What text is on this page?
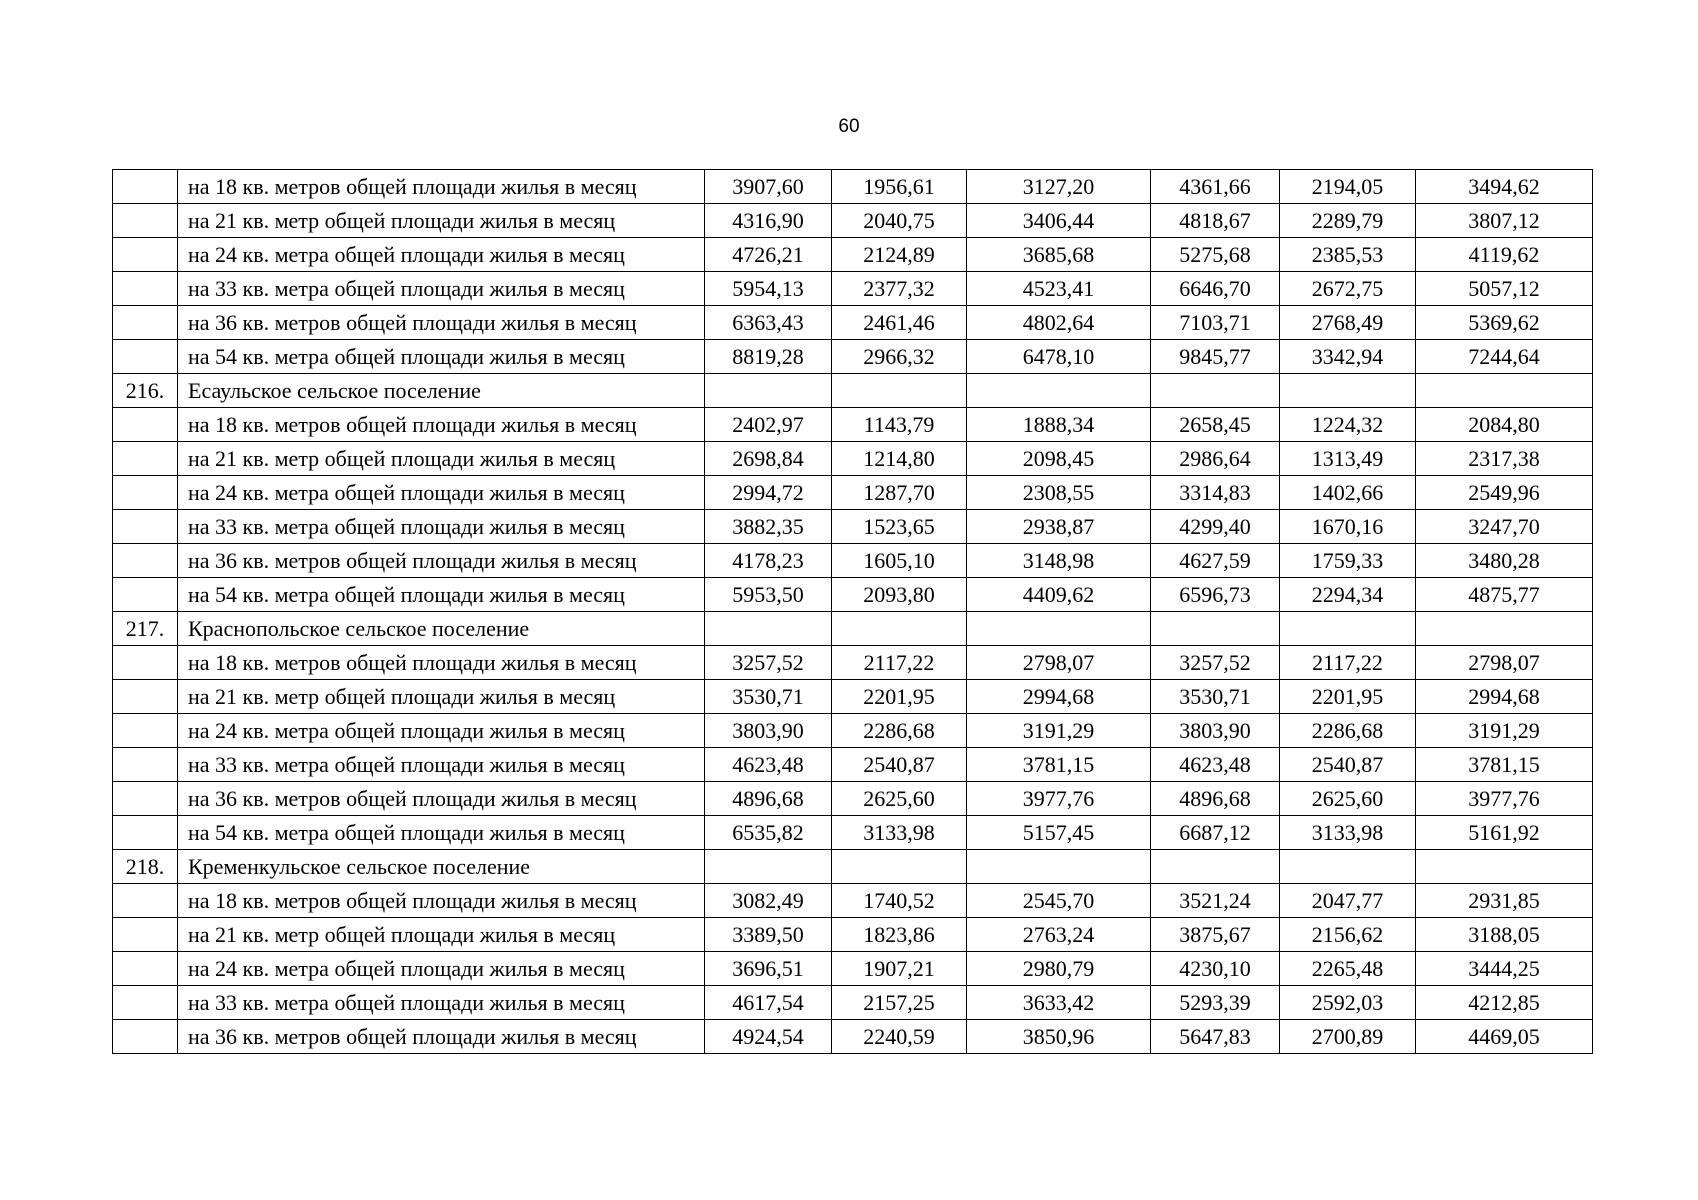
60
	на 18 кв. метров общей площади жилья в месяц	3907,60	1956,61	3127,20	4361,66	2194,05	3494,62
	на 21 кв. метр общей площади жилья в месяц	4316,90	2040,75	3406,44	4818,67	2289,79	3807,12
	на 24 кв. метра общей площади жилья в месяц	4726,21	2124,89	3685,68	5275,68	2385,53	4119,62
	на 33 кв. метра общей площади жилья в месяц	5954,13	2377,32	4523,41	6646,70	2672,75	5057,12
	на 36 кв. метров общей площади жилья в месяц	6363,43	2461,46	4802,64	7103,71	2768,49	5369,62
	на 54 кв. метра общей площади жилья в месяц	8819,28	2966,32	6478,10	9845,77	3342,94	7244,64
216.	Есаульское сельское поселение						
	на 18 кв. метров общей площади жилья в месяц	2402,97	1143,79	1888,34	2658,45	1224,32	2084,80
	на 21 кв. метр общей площади жилья в месяц	2698,84	1214,80	2098,45	2986,64	1313,49	2317,38
	на 24 кв. метра общей площади жилья в месяц	2994,72	1287,70	2308,55	3314,83	1402,66	2549,96
	на 33 кв. метра общей площади жилья в месяц	3882,35	1523,65	2938,87	4299,40	1670,16	3247,70
	на 36 кв. метров общей площади жилья в месяц	4178,23	1605,10	3148,98	4627,59	1759,33	3480,28
	на 54 кв. метра общей площади жилья в месяц	5953,50	2093,80	4409,62	6596,73	2294,34	4875,77
217.	Краснопольское сельское поселение						
	на 18 кв. метров общей площади жилья в месяц	3257,52	2117,22	2798,07	3257,52	2117,22	2798,07
	на 21 кв. метр общей площади жилья в месяц	3530,71	2201,95	2994,68	3530,71	2201,95	2994,68
	на 24 кв. метра общей площади жилья в месяц	3803,90	2286,68	3191,29	3803,90	2286,68	3191,29
	на 33 кв. метра общей площади жилья в месяц	4623,48	2540,87	3781,15	4623,48	2540,87	3781,15
	на 36 кв. метров общей площади жилья в месяц	4896,68	2625,60	3977,76	4896,68	2625,60	3977,76
	на 54 кв. метра общей площади жилья в месяц	6535,82	3133,98	5157,45	6687,12	3133,98	5161,92
218.	Кременкульское сельское поселение						
	на 18 кв. метров общей площади жилья в месяц	3082,49	1740,52	2545,70	3521,24	2047,77	2931,85
	на 21 кв. метр общей площади жилья в месяц	3389,50	1823,86	2763,24	3875,67	2156,62	3188,05
	на 24 кв. метра общей площади жилья в месяц	3696,51	1907,21	2980,79	4230,10	2265,48	3444,25
	на 33 кв. метра общей площади жилья в месяц	4617,54	2157,25	3633,42	5293,39	2592,03	4212,85
	на 36 кв. метров общей площади жилья в месяц	4924,54	2240,59	3850,96	5647,83	2700,89	4469,05
